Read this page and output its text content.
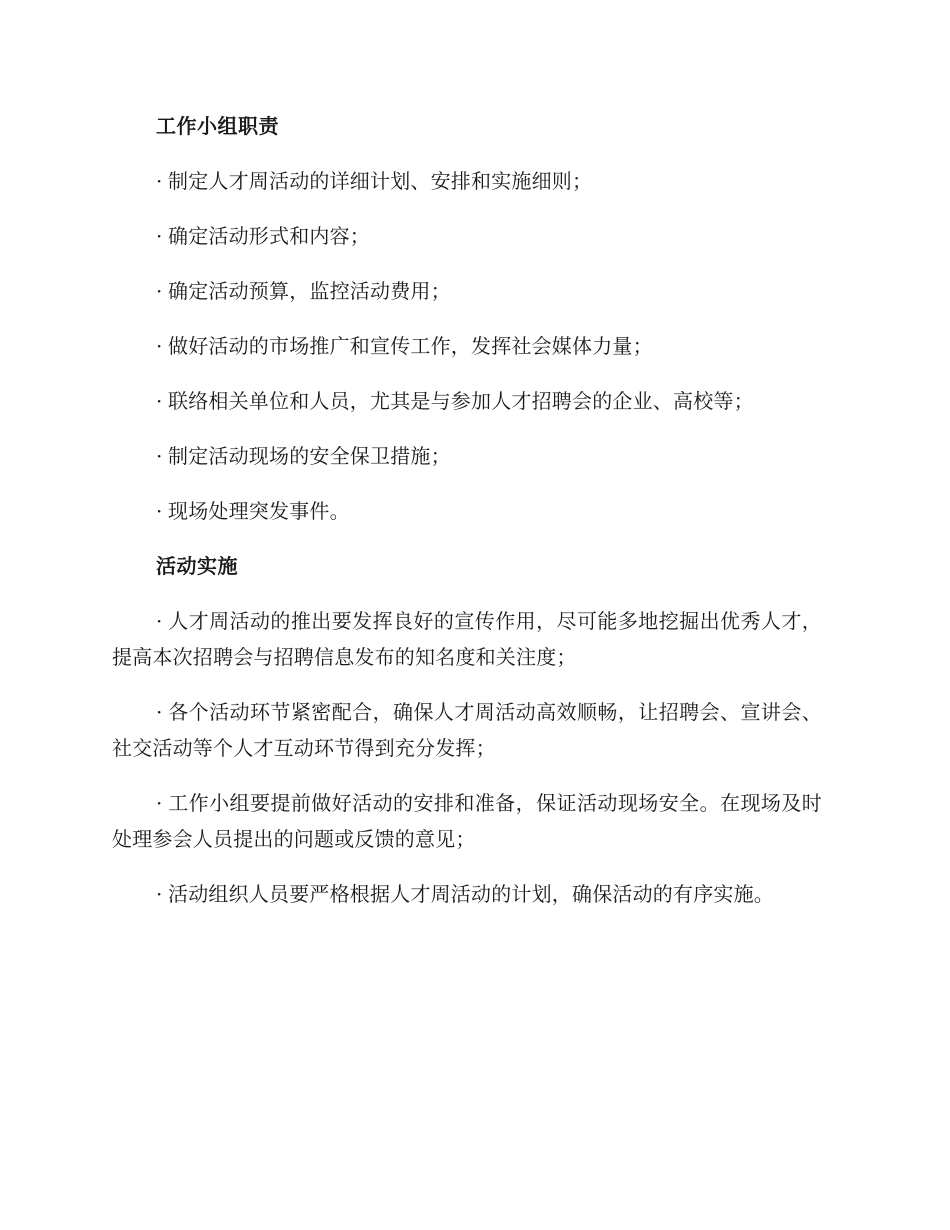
工作小组职责
· 制定人才周活动的详细计划、安排和实施细则；
· 确定活动形式和内容；
· 确定活动预算，监控活动费用；
· 做好活动的市场推广和宣传工作，发挥社会媒体力量；
· 联络相关单位和人员，尤其是与参加人才招聘会的企业、高校等；
· 制定活动现场的安全保卫措施；
· 现场处理突发事件。
活动实施
· 人才周活动的推出要发挥良好的宣传作用，尽可能多地挖掘出优秀人才，提高本次招聘会与招聘信息发布的知名度和关注度；
· 各个活动环节紧密配合，确保人才周活动高效顺畅，让招聘会、宣讲会、社交活动等个人才互动环节得到充分发挥；
· 工作小组要提前做好活动的安排和准备，保证活动现场安全。在现场及时处理参会人员提出的问题或反馈的意见；
· 活动组织人员要严格根据人才周活动的计划，确保活动的有序实施。
